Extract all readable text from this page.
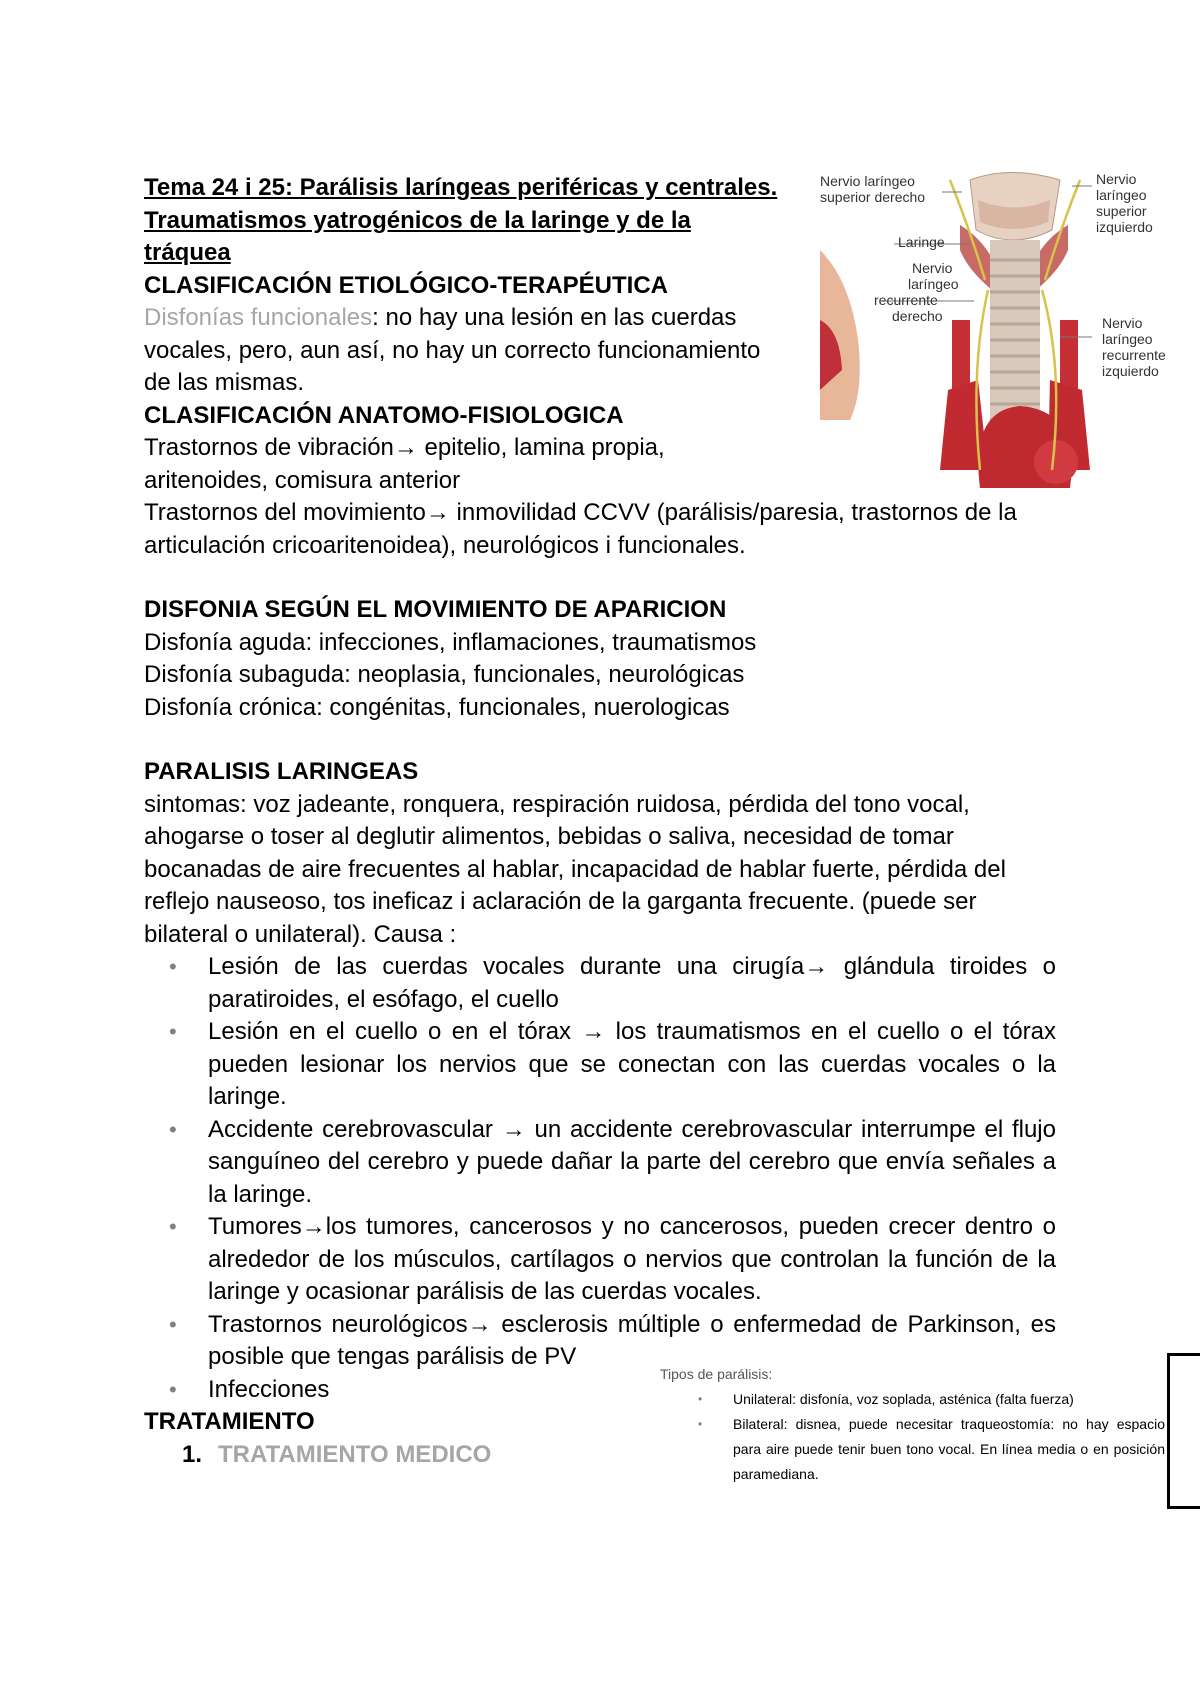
Tema 24 i 25: Parálisis laríngeas periféricas y centrales. Traumatismos yatrogénicos de la laringe y de la tráquea

CLASIFICACIÓN ETIOLÓGICO-TERAPÉUTICA

Disfonías funcionales: no hay una lesión en las cuerdas vocales, pero, aun así, no hay un correcto funcionamiento de las mismas.

CLASIFICACIÓN ANATOMO-FISIOLOGICA

Trastornos de vibración→ epitelio, lamina propia, aritenoides, comisura anterior

Trastornos del movimiento→ inmovilidad CCVV (parálisis/paresia, trastornos de la articulación cricoaritenoidea), neurológicos i funcionales.

DISFONIA SEGÚN EL MOVIMIENTO DE APARICION

Disfonía aguda: infecciones, inflamaciones, traumatismos

Disfonía subaguda: neoplasia, funcionales, neurológicas

Disfonía crónica: congénitas, funcionales, nuerologicas

PARALISIS LARINGEAS

sintomas: voz jadeante, ronquera, respiración ruidosa, pérdida del tono vocal, ahogarse o toser al deglutir alimentos, bebidas o saliva, necesidad de tomar bocanadas de aire frecuentes al hablar, incapacidad de hablar fuerte, pérdida del reflejo nauseoso, tos ineficaz i aclaración de la garganta frecuente. (puede ser bilateral o unilateral). Causa :

• Lesión de las cuerdas vocales durante una cirugía→ glándula tiroides o paratiroides, el esófago, el cuello
• Lesión en el cuello o en el tórax → los traumatismos en el cuello o el tórax pueden lesionar los nervios que se conectan con las cuerdas vocales o la laringe.
• Accidente cerebrovascular → un accidente cerebrovascular interrumpe el flujo sanguíneo del cerebro y puede dañar la parte del cerebro que envía señales a la laringe.
• Tumores→los tumores, cancerosos y no cancerosos, pueden crecer dentro o alrededor de los músculos, cartílagos o nervios que controlan la función de la laringe y ocasionar parálisis de las cuerdas vocales.
• Trastornos neurológicos→ esclerosis múltiple o enfermedad de Parkinson, es posible que tengas parálisis de PV
• Infecciones

TRATAMIENTO

1. TRATAMIENTO MEDICO
Nervio laríngeo superior derecho
Laringe
Nervio laríngeo recurrente derecho
Nervio laríngeo superior izquierdo
Nervio laríngeo recurrente izquierdo
Tipos de parálisis:
• Unilateral: disfonía, voz soplada, asténica (falta fuerza)
• Bilateral: disnea, puede necesitar traqueostomía: no hay espacio para aire puede tenir buen tono vocal. En línea media o en posición paramediana.
